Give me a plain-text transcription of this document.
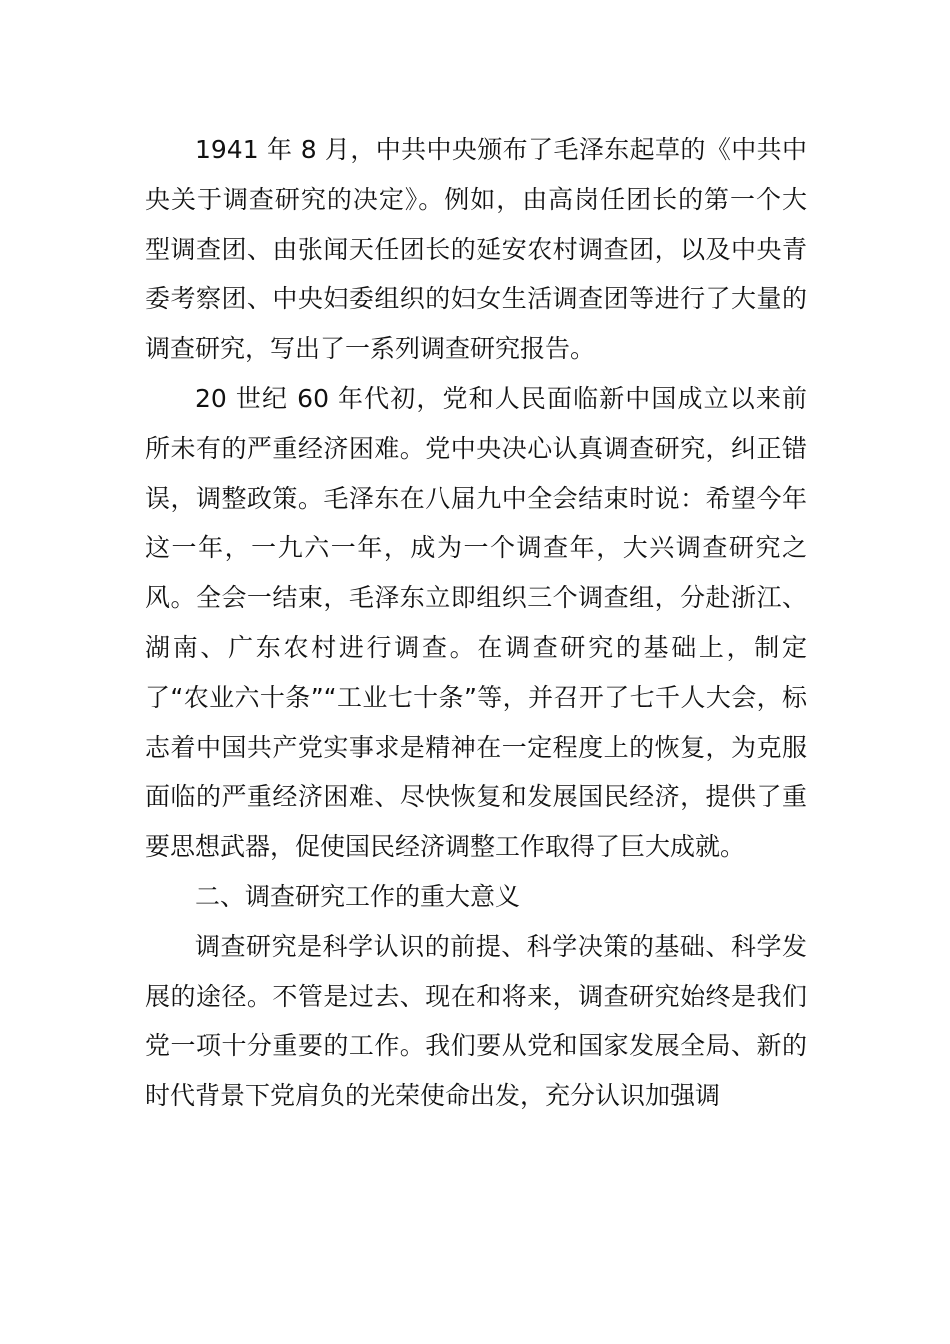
1941 年 8 月，中共中央颁布了毛泽东起草的《中共中央关于调查研究的决定》。例如，由高岗任团长的第一个大型调查团、由张闻天任团长的延安农村调查团，以及中央青委考察团、中央妇委组织的妇女生活调查团等进行了大量的调查研究，写出了一系列调查研究报告。

20 世纪 60 年代初，党和人民面临新中国成立以来前所未有的严重经济困难。党中央决心认真调查研究，纠正错误，调整政策。毛泽东在八届九中全会结束时说：希望今年这一年，一九六一年，成为一个调查年，大兴调查研究之风。全会一结束，毛泽东立即组织三个调查组，分赴浙江、湖南、广东农村进行调查。在调查研究的基础上，制定了“农业六十条”“工业七十条”等，并召开了七千人大会，标志着中国共产党实事求是精神在一定程度上的恢复，为克服面临的严重经济困难、尽快恢复和发展国民经济，提供了重要思想武器，促使国民经济调整工作取得了巨大成就。

二、调查研究工作的重大意义

调查研究是科学认识的前提、科学决策的基础、科学发展的途径。不管是过去、现在和将来，调查研究始终是我们党一项十分重要的工作。我们要从党和国家发展全局、新的时代背景下党肩负的光荣使命出发，充分认识加强调
